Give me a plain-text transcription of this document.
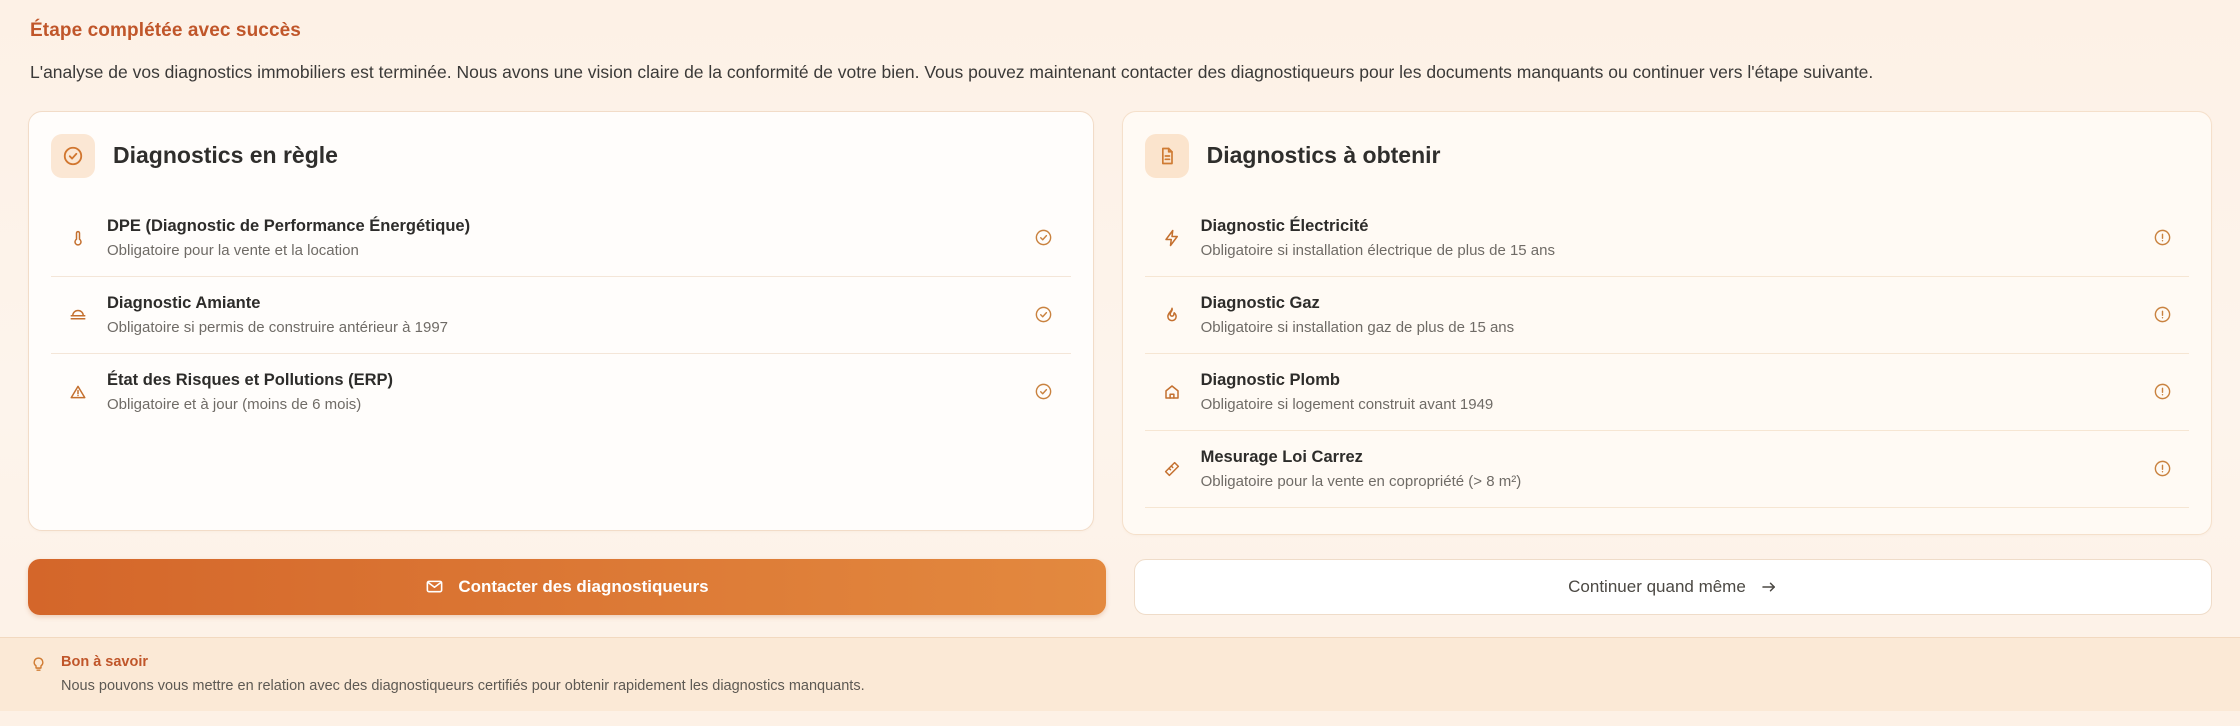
Étape complétée avec succès
L'analyse de vos diagnostics immobiliers est terminée. Nous avons une vision claire de la conformité de votre bien. Vous pouvez maintenant contacter des diagnostiqueurs pour les documents manquants ou continuer vers l'étape suivante.
Diagnostics en règle
DPE (Diagnostic de Performance Énergétique)
Obligatoire pour la vente et la location
Diagnostic Amiante
Obligatoire si permis de construire antérieur à 1997
État des Risques et Pollutions (ERP)
Obligatoire et à jour (moins de 6 mois)
Diagnostics à obtenir
Diagnostic Électricité
Obligatoire si installation électrique de plus de 15 ans
Diagnostic Gaz
Obligatoire si installation gaz de plus de 15 ans
Diagnostic Plomb
Obligatoire si logement construit avant 1949
Mesurage Loi Carrez
Obligatoire pour la vente en copropriété (> 8 m²)
Contacter des diagnostiqueurs	Continuer quand même
Bon à savoir
Nous pouvons vous mettre en relation avec des diagnostiqueurs certifiés pour obtenir rapidement les diagnostics manquants.
